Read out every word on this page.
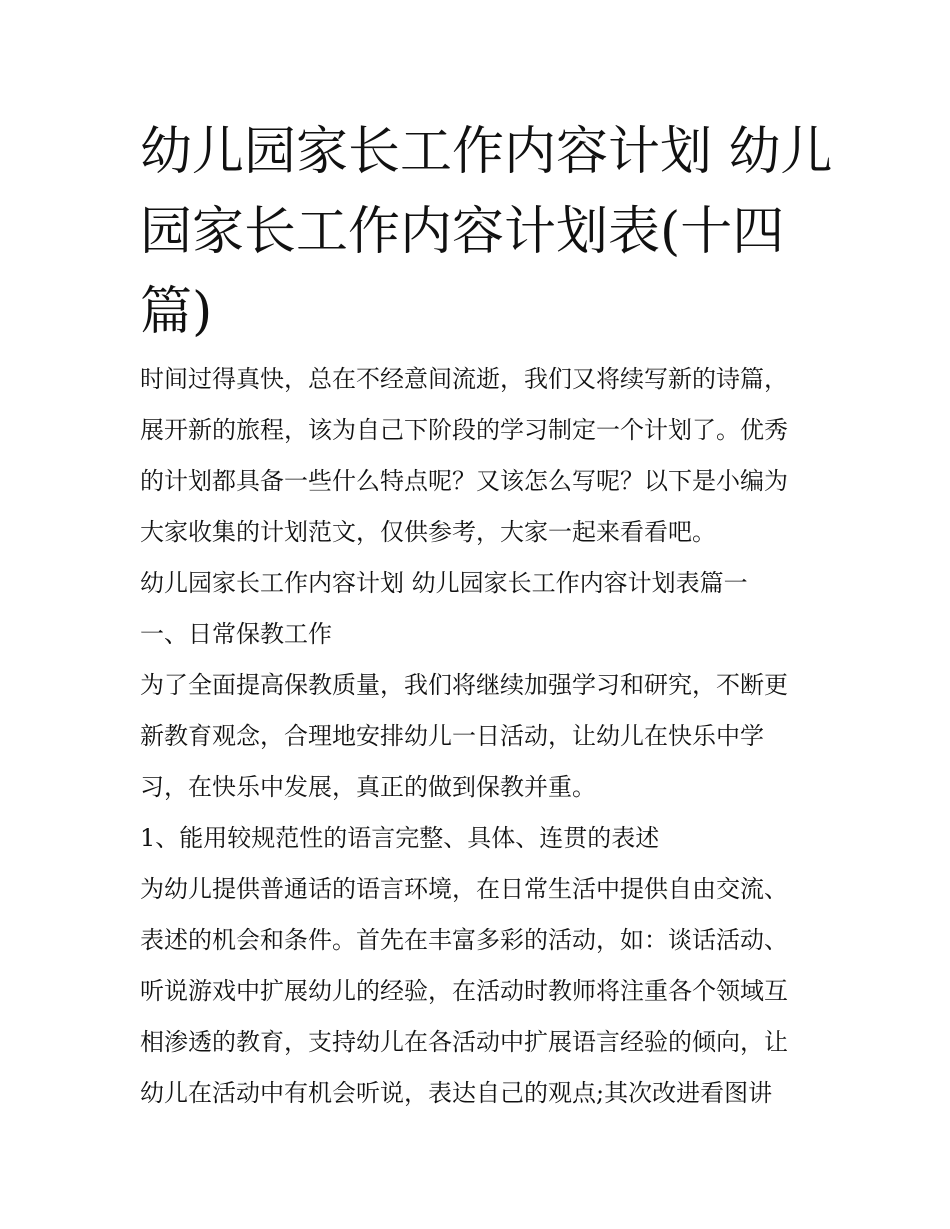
幼儿园家长工作内容计划 幼儿
园家长工作内容计划表(十四
篇)
时间过得真快，总在不经意间流逝，我们又将续写新的诗篇，
展开新的旅程，该为自己下阶段的学习制定一个计划了。优秀
的计划都具备一些什么特点呢？又该怎么写呢？以下是小编为
大家收集的计划范文，仅供参考，大家一起来看看吧。
幼儿园家长工作内容计划 幼儿园家长工作内容计划表篇一
一、日常保教工作
为了全面提高保教质量，我们将继续加强学习和研究，不断更
新教育观念，合理地安排幼儿一日活动，让幼儿在快乐中学
习，在快乐中发展，真正的做到保教并重。
1、能用较规范性的语言完整、具体、连贯的表述
为幼儿提供普通话的语言环境，在日常生活中提供自由交流、
表述的机会和条件。首先在丰富多彩的活动，如：谈话活动、
听说游戏中扩展幼儿的经验，在活动时教师将注重各个领域互
相渗透的教育，支持幼儿在各活动中扩展语言经验的倾向，让
幼儿在活动中有机会听说，表达自己的观点;其次改进看图讲
